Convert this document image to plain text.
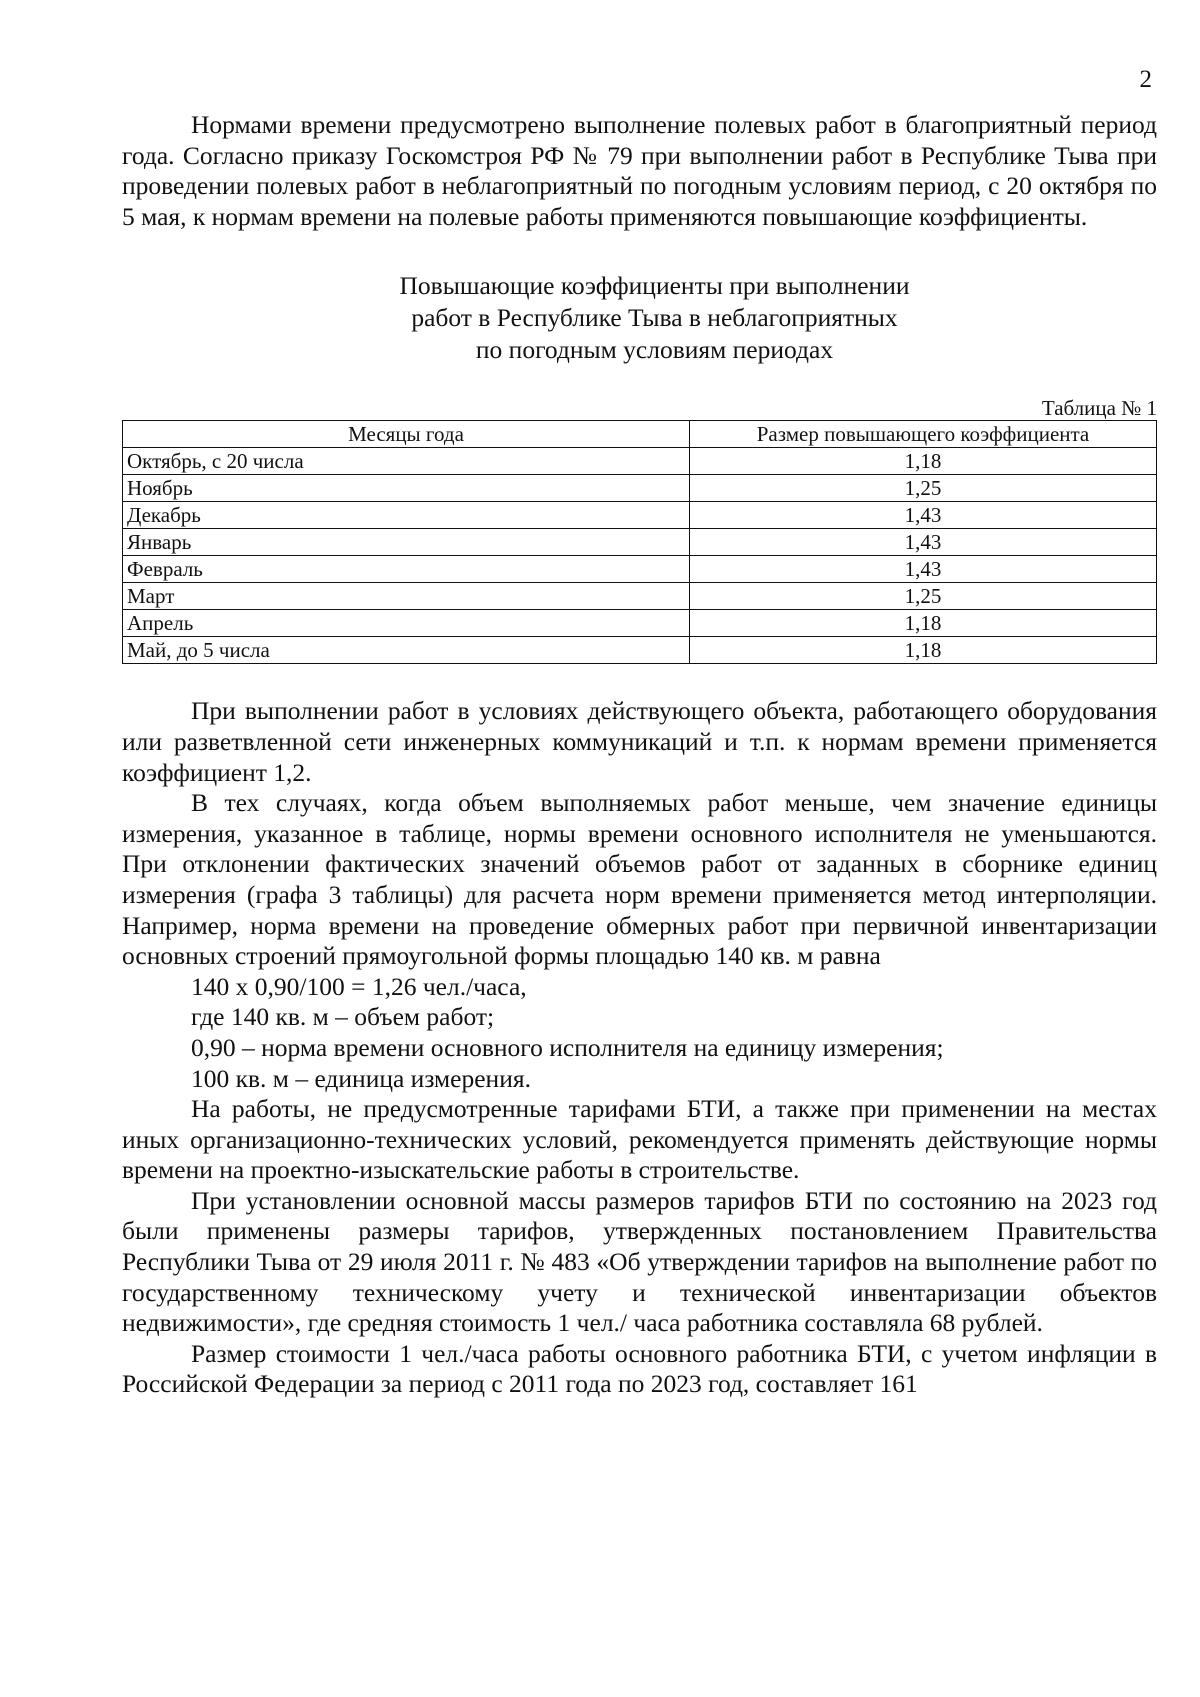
2

Нормами времени предусмотрено выполнение полевых работ в благоприятный период года. Согласно приказу Госкомстроя РФ № 79 при выполнении работ в Республике Тыва при проведении полевых работ в неблагоприятный по погодным условиям период, с 20 октября по 5 мая, к нормам времени на полевые работы применяются повышающие коэффициенты.

Повышающие коэффициенты при выполнении
работ в Республике Тыва в неблагоприятных
по погодным условиям периодах
Таблица № 1
Месяцы года	Размер повышающего коэффициента
Октябрь, с 20 числа	1,18
Ноябрь	1,25
Декабрь	1,43
Январь	1,43
Февраль	1,43
Март	1,25
Апрель	1,18
Май, до 5 числа	1,18

При выполнении работ в условиях действующего объекта, работающего оборудования или разветвленной сети инженерных коммуникаций и т.п. к нормам времени применяется коэффициент 1,2.

В тех случаях, когда объем выполняемых работ меньше, чем значение единицы измерения, указанное в таблице, нормы времени основного исполнителя не уменьшаются. При отклонении фактических значений объемов работ от заданных в сборнике единиц измерения (графа 3 таблицы) для расчета норм времени применяется метод интерполяции. Например, норма времени на проведение обмерных работ при первичной инвентаризации основных строений прямоугольной формы площадью 140 кв. м равна

140 х 0,90/100 = 1,26 чел./часа,

где 140 кв. м – объем работ;

0,90 – норма времени основного исполнителя на единицу измерения;

100 кв. м – единица измерения.

На работы, не предусмотренные тарифами БТИ, а также при применении на местах иных организационно-технических условий, рекомендуется применять действующие нормы времени на проектно-изыскательские работы в строительстве.

При установлении основной массы размеров тарифов БТИ по состоянию на 2023 год были применены размеры тарифов, утвержденных постановлением Правительства Республики Тыва от 29 июля 2011 г. № 483 «Об утверждении тарифов на выполнение работ по государственному техническому учету и технической инвентаризации объектов недвижимости», где средняя стоимость 1 чел./ часа работника составляла 68 рублей.

Размер стоимости 1 чел./часа работы основного работника БТИ, с учетом инфляции в Российской Федерации за период с 2011 года по 2023 год, составляет 161
